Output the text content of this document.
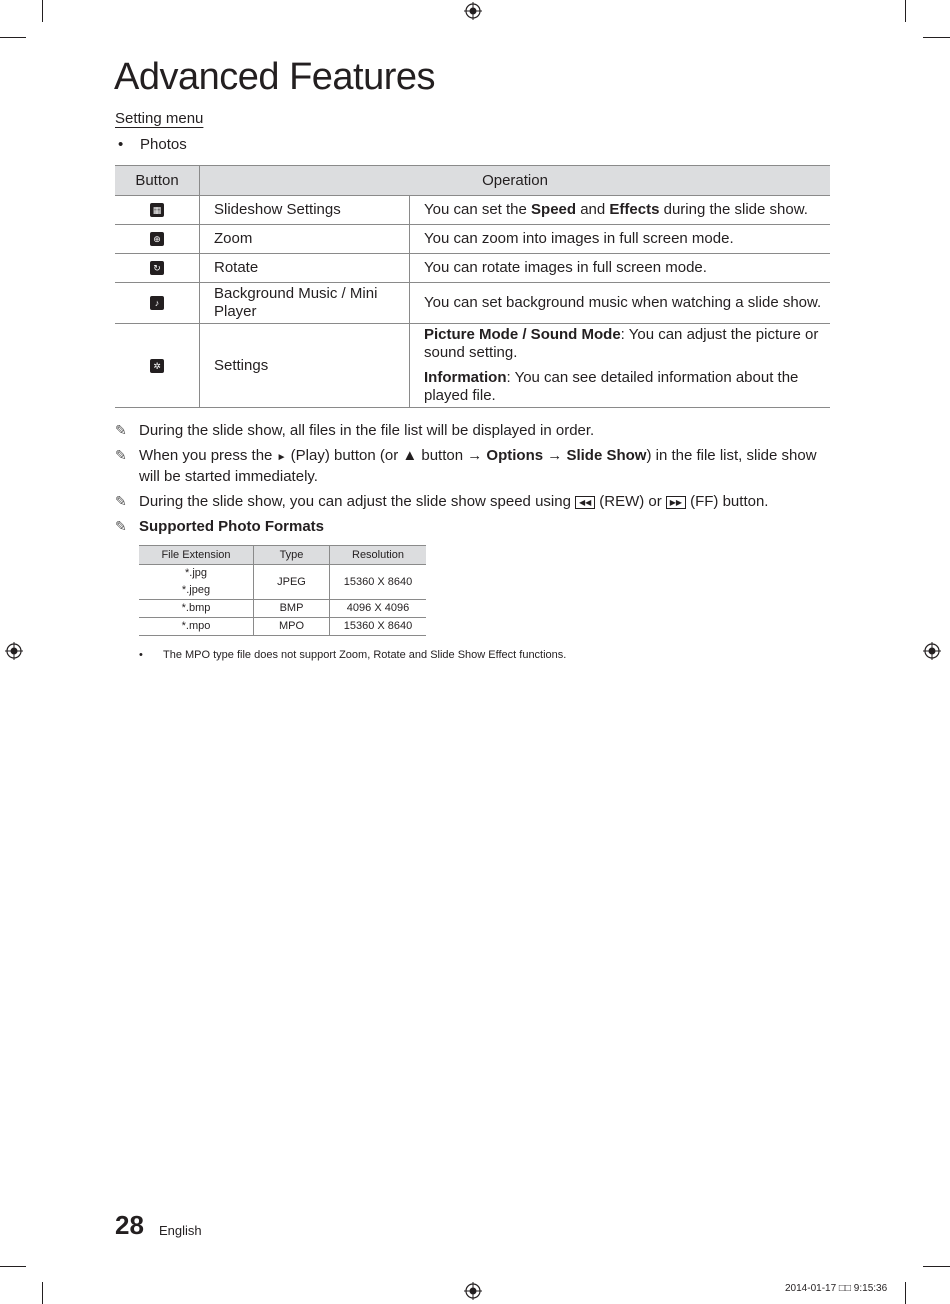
Advanced Features
Setting menu
• Photos
Button	Operation	
▦	Slideshow Settings	You can set the Speed and Effects during the slide show.
⊕	Zoom	You can zoom into images in full screen mode.
↻	Rotate	You can rotate images in full screen mode.
♪	Background Music / Mini Player	You can set background music when watching a slide show.
✲	Settings	Picture Mode / Sound Mode: You can adjust the picture or sound setting.

Information: You can see detailed information about the played file.

✎ During the slide show, all files in the file list will be displayed in order.
✎ When you press the ► (Play) button (or ▲ button → Options → Slide Show) in the file list, slide show will be started immediately.
✎ During the slide show, you can adjust the slide show speed using ◀◀ (REW) or ▶▶ (FF) button.
✎ Supported Photo Formats
File Extension	Type	Resolution

*.jpg
*.jpeg	JPEG	15360 X 8640
*.bmp	BMP	4096 X 4096
*.mpo	MPO	15360 X 8640
• The MPO type file does not support Zoom, Rotate and Slide Show Effect functions.
28 English
2014-01-17 □□ 9:15:36
